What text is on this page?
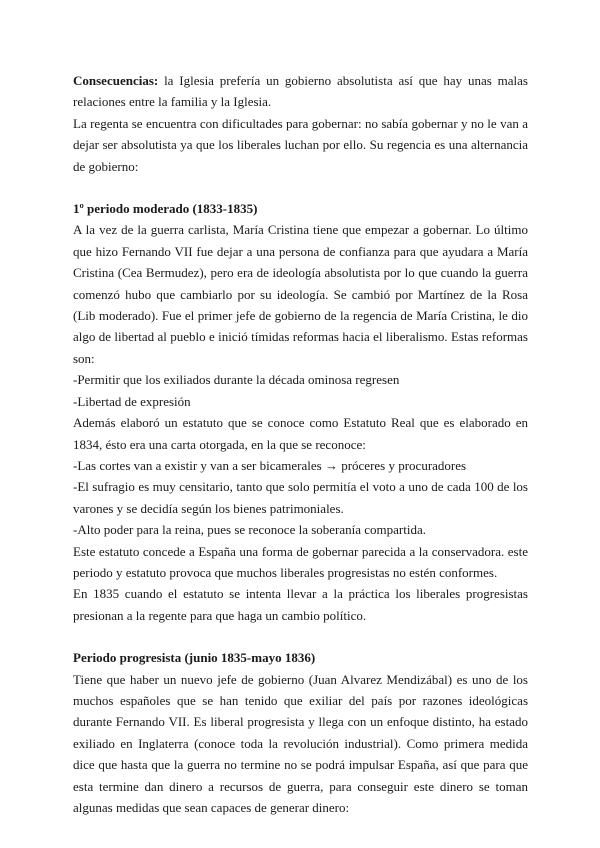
Consecuencias: la Iglesia prefería un gobierno absolutista así que hay unas malas relaciones entre la familia y la Iglesia.

La regenta se encuentra con dificultades para gobernar: no sabía gobernar y no le van a dejar ser absolutista ya que los liberales luchan por ello. Su regencia es una alternancia de gobierno:

1º periodo moderado (1833-1835)

A la vez de la guerra carlista, María Cristina tiene que empezar a gobernar. Lo último que hizo Fernando VII fue dejar a una persona de confianza para que ayudara a María Cristina (Cea Bermudez), pero era de ideología absolutista por lo que cuando la guerra comenzó hubo que cambiarlo por su ideología. Se cambió por Martínez de la Rosa (Lib moderado). Fue el primer jefe de gobierno de la regencia de María Cristina, le dio algo de libertad al pueblo e inició tímidas reformas hacia el liberalismo. Estas reformas son:

-Permitir que los exiliados durante la década ominosa regresen

-Libertad de expresión

Además elaboró un estatuto que se conoce como Estatuto Real que es elaborado en 1834, ésto era una carta otorgada, en la que se reconoce:

-Las cortes van a existir y van a ser bicamerales → próceres y procuradores

-El sufragio es muy censitario, tanto que solo permitía el voto a uno de cada 100 de los varones y se decidía según los bienes patrimoniales.

-Alto poder para la reina, pues se reconoce la soberanía compartida.

Este estatuto concede a España una forma de gobernar parecida a la conservadora. este periodo y estatuto provoca que muchos liberales progresistas no estén conformes.

En 1835 cuando el estatuto se intenta llevar a la práctica los liberales progresistas presionan a la regente para que haga un cambio político.

Periodo progresista (junio 1835-mayo 1836)

Tiene que haber un nuevo jefe de gobierno (Juan Alvarez Mendizábal) es uno de los muchos españoles que se han tenido que exiliar del país por razones ideológicas durante Fernando VII. Es liberal progresista y llega con un enfoque distinto, ha estado exiliado en Inglaterra (conoce toda la revolución industrial). Como primera medida dice que hasta que la guerra no termine no se podrá impulsar España, así que para que esta termine dan dinero a recursos de guerra, para conseguir este dinero se toman algunas medidas que sean capaces de generar dinero:
